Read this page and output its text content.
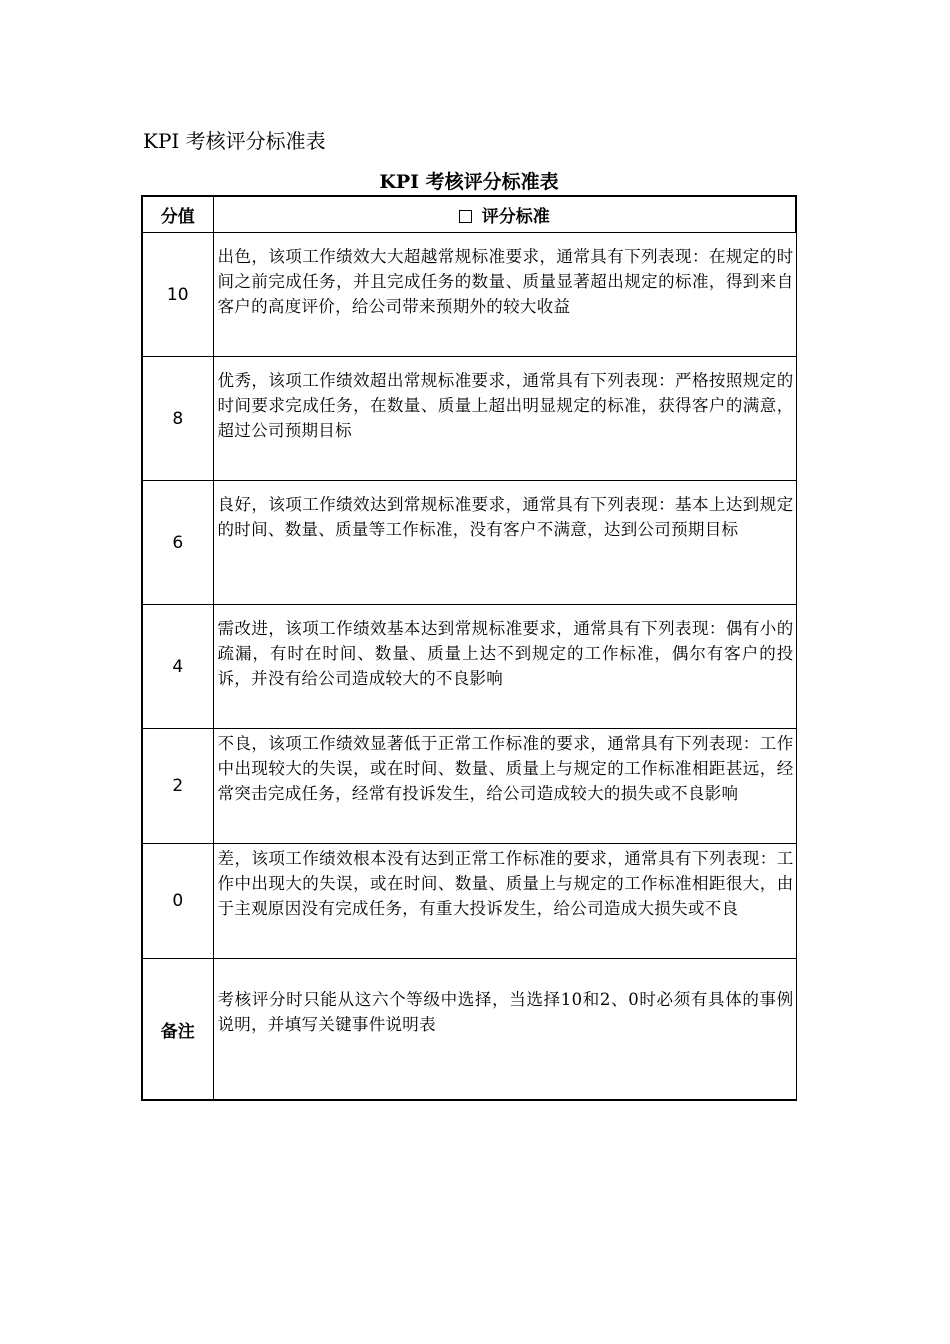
KPI 考核评分标准表
KPI 考核评分标准表
分值	评分标准
10	出色，该项工作绩效大大超越常规标准要求，通常具有下列表现：在规定的时间之前完成任务，并且完成任务的数量、质量显著超出规定的标准，得到来自客户的高度评价，给公司带来预期外的较大收益
8	优秀，该项工作绩效超出常规标准要求，通常具有下列表现：严格按照规定的时间要求完成任务，在数量、质量上超出明显规定的标准，获得客户的满意，超过公司预期目标
6	良好，该项工作绩效达到常规标准要求，通常具有下列表现：基本上达到规定的时间、数量、质量等工作标准，没有客户不满意，达到公司预期目标
4	需改进，该项工作绩效基本达到常规标准要求，通常具有下列表现：偶有小的疏漏，有时在时间、数量、质量上达不到规定的工作标准，偶尔有客户的投诉，并没有给公司造成较大的不良影响
2	不良，该项工作绩效显著低于正常工作标准的要求，通常具有下列表现：工作中出现较大的失误，或在时间、数量、质量上与规定的工作标准相距甚远，经常突击完成任务，经常有投诉发生，给公司造成较大的损失或不良影响
0	差，该项工作绩效根本没有达到正常工作标准的要求，通常具有下列表现：工作中出现大的失误，或在时间、数量、质量上与规定的工作标准相距很大，由于主观原因没有完成任务，有重大投诉发生，给公司造成大损失或不良
备注	考核评分时只能从这六个等级中选择，当选择10和2、0时必须有具体的事例说明，并填写关键事件说明表
